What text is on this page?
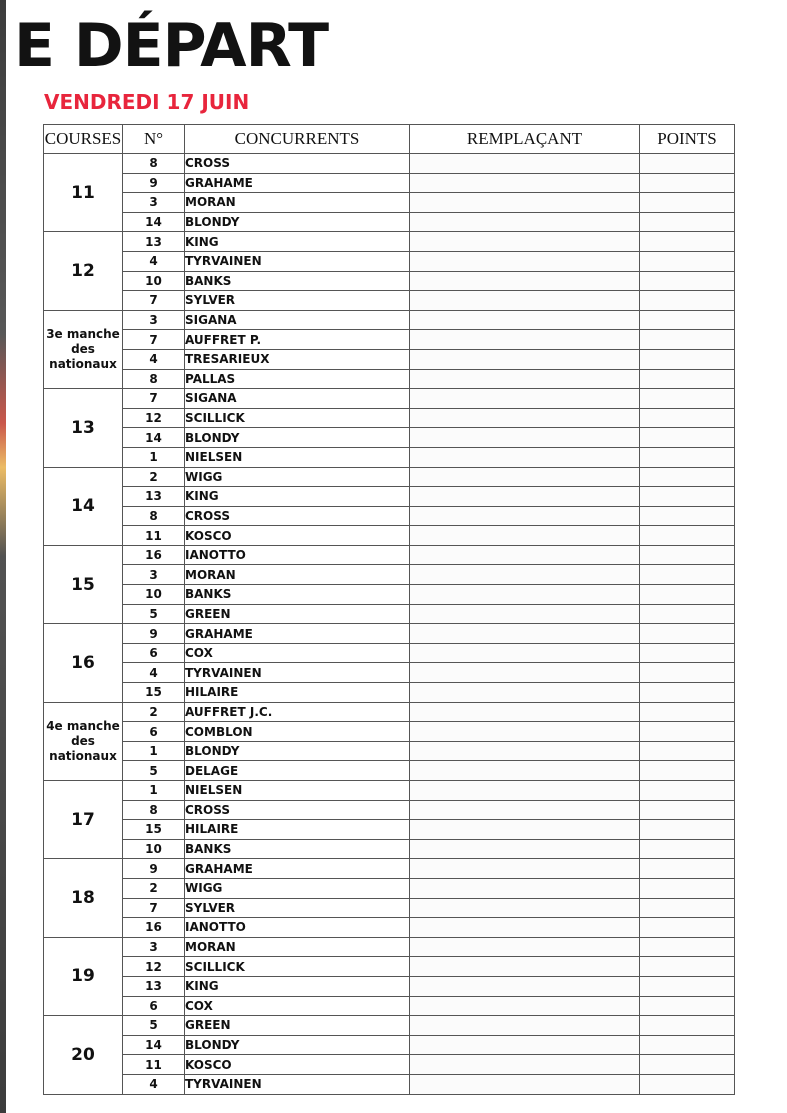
E DÉPART
VENDREDI 17 JUIN
COURSES	N°	CONCURRENTS	REMPLAÇANT	POINTS
11	8	CROSS		
	9	GRAHAME		
	3	MORAN		
	14	BLONDY		
12	13	KING		
	4	TYRVAINEN		
	10	BANKS		
	7	SYLVER		
3e manche des nationaux	3	SIGANA		
	7	AUFFRET P.		
	4	TRESARIEUX		
	8	PALLAS		
13	7	SIGANA		
	12	SCILLICK		
	14	BLONDY		
	1	NIELSEN		
14	2	WIGG		
	13	KING		
	8	CROSS		
	11	KOSCO		
15	16	IANOTTO		
	3	MORAN		
	10	BANKS		
	5	GREEN		
16	9	GRAHAME		
	6	COX		
	4	TYRVAINEN		
	15	HILAIRE		
4e manche des nationaux	2	AUFFRET J.C.		
	6	COMBLON		
	1	BLONDY		
	5	DELAGE		
17	1	NIELSEN		
	8	CROSS		
	15	HILAIRE		
	10	BANKS		
18	9	GRAHAME		
	2	WIGG		
	7	SYLVER		
	16	IANOTTO		
19	3	MORAN		
	12	SCILLICK		
	13	KING		
	6	COX		
20	5	GREEN		
	14	BLONDY		
	11	KOSCO		
	4	TYRVAINEN		
